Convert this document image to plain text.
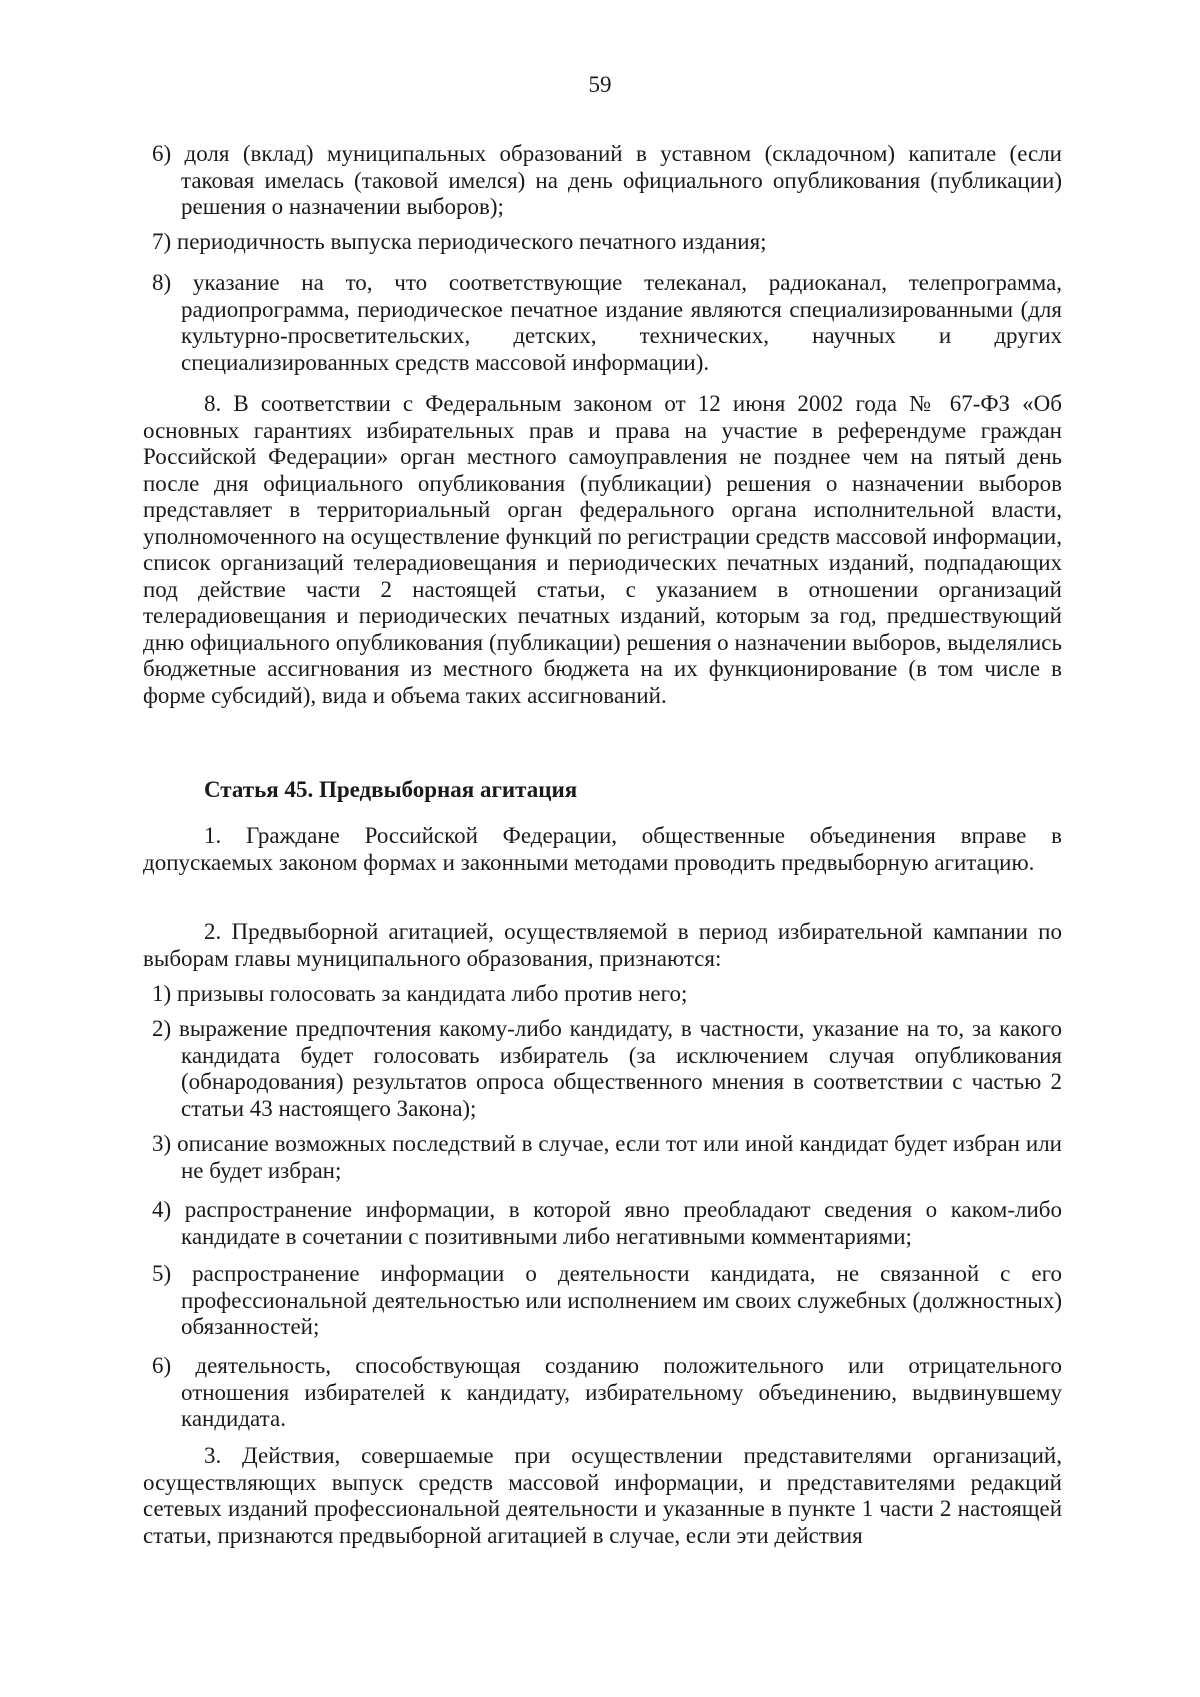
59

6) доля (вклад) муниципальных образований в уставном (складочном) капитале (если таковая имелась (таковой имелся) на день официального опубликования (публикации) решения о назначении выборов);

7) периодичность выпуска периодического печатного издания;

8) указание на то, что соответствующие телеканал, радиоканал, телепрограмма, радиопрограмма, периодическое печатное издание являются специализированными (для культурно-просветительских, детских, технических, научных и других специализированных средств массовой информации).

8. В соответствии с Федеральным законом от 12 июня 2002 года № 67-ФЗ «Об основных гарантиях избирательных прав и права на участие в референдуме граждан Российской Федерации» орган местного самоуправления не позднее чем на пятый день после дня официального опубликования (публикации) решения о назначении выборов представляет в территориальный орган федерального органа исполнительной власти, уполномоченного на осуществление функций по регистрации средств массовой информации, список организаций телерадиовещания и периодических печатных изданий, подпадающих под действие части 2 настоящей статьи, с указанием в отношении организаций телерадиовещания и периодических печатных изданий, которым за год, предшествующий дню официального опубликования (публикации) решения о назначении выборов, выделялись бюджетные ассигнования из местного бюджета на их функционирование (в том числе в форме субсидий), вида и объема таких ассигнований.

Статья 45. Предвыборная агитация

1. Граждане Российской Федерации, общественные объединения вправе в допускаемых законом формах и законными методами проводить предвыборную агитацию.

2. Предвыборной агитацией, осуществляемой в период избирательной кампании по выборам главы муниципального образования, признаются:

1) призывы голосовать за кандидата либо против него;

2) выражение предпочтения какому-либо кандидату, в частности, указание на то, за какого кандидата будет голосовать избиратель (за исключением случая опубликования (обнародования) результатов опроса общественного мнения в соответствии с частью 2 статьи 43 настоящего Закона);

3) описание возможных последствий в случае, если тот или иной кандидат будет избран или не будет избран;

4) распространение информации, в которой явно преобладают сведения о каком-либо кандидате в сочетании с позитивными либо негативными комментариями;

5) распространение информации о деятельности кандидата, не связанной с его профессиональной деятельностью или исполнением им своих служебных (должностных) обязанностей;

6) деятельность, способствующая созданию положительного или отрицательного отношения избирателей к кандидату, избирательному объединению, выдвинувшему кандидата.

3. Действия, совершаемые при осуществлении представителями организаций, осуществляющих выпуск средств массовой информации, и представителями редакций сетевых изданий профессиональной деятельности и указанные в пункте 1 части 2 настоящей статьи, признаются предвыборной агитацией в случае, если эти действия
